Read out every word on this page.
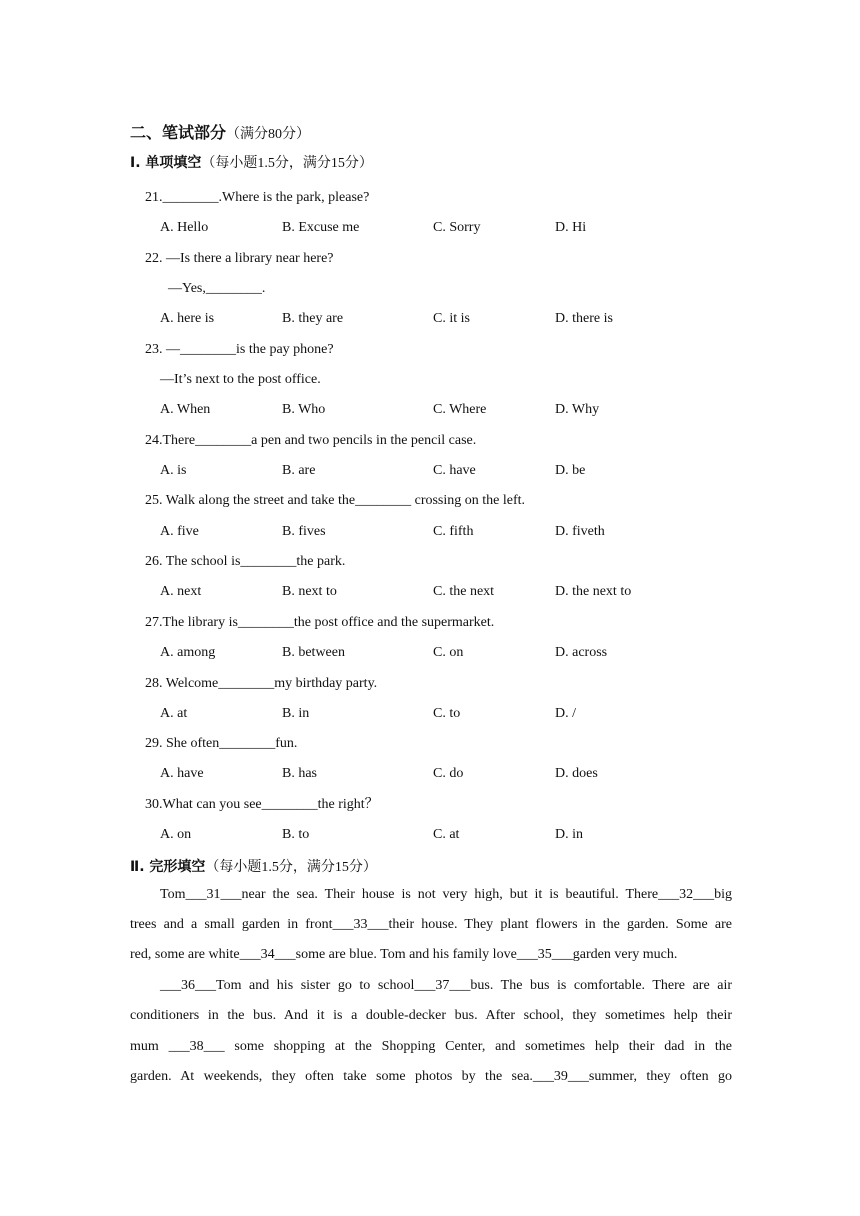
二、笔试部分（满分80分）
Ⅰ. 单项填空（每小题1.5分，满分15分）
21.________.Where is the park, please?
A. Hello	B. Excuse me	C. Sorry	D. Hi
22. —Is there a library near here?
—Yes,________.
A. here is	B. they are	C. it is	D. there is
23. —________is the pay phone?
—It’s next to the post office.
A. When	B. Who	C. Where	D. Why
24.There________a pen and two pencils in the pencil case.
A. is	B. are	C. have	D. be
25. Walk along the street and take the________ crossing on the left.
A. five	B. fives	C. fifth	D. fiveth
26. The school is________the park.
A. next	B. next to	C. the next	D. the next to
27.The library is________the post office and the supermarket.
A. among	B. between	C. on	D. across
28. Welcome________my birthday party.
A. at	B. in	C. to	D. /
29. She often________fun.
A. have	B. has	C. do	D. does
30.What can you see________the right？
A. on	B. to	C. at	D. in
Ⅱ. 完形填空（每小题1.5分，满分15分）
Tom___31___near the sea. Their house is not very high, but it is beautiful. There___32___big
trees and a small garden in front___33___their house. They plant flowers in the garden. Some are
red, some are white___34___some are blue. Tom and his family love___35___garden very much.
___36___Tom and his sister go to school___37___bus. The bus is comfortable. There are air
conditioners in the bus. And it is a double-decker bus. After school, they sometimes help their
mum ___38___ some shopping at the Shopping Center, and sometimes help their dad in the
garden. At weekends, they often take some photos by the sea.___39___summer, they often go
